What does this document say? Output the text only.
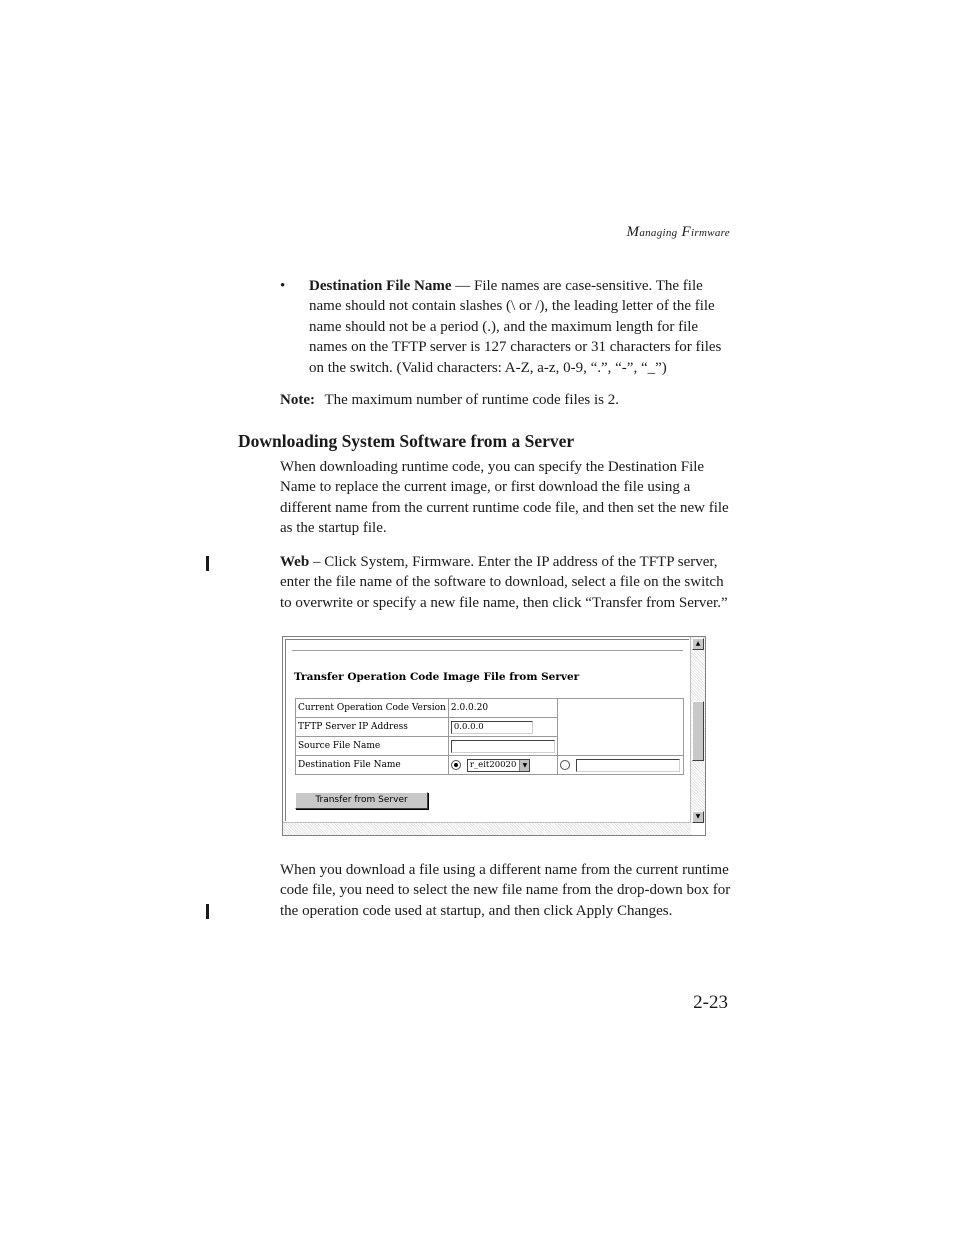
Managing Firmware
• Destination File Name — File names are case-sensitive. The file name should not contain slashes (\ or /), the leading letter of the file name should not be a period (.), and the maximum length for file names on the TFTP server is 127 characters or 31 characters for files on the switch. (Valid characters: A-Z, a-z, 0-9, “.”, “-”, “_”)
Note: The maximum number of runtime code files is 2.
Downloading System Software from a Server
When downloading runtime code, you can specify the Destination File Name to replace the current image, or first download the file using a different name from the current runtime code file, and then set the new file as the startup file.
Web – Click System, Firmware. Enter the IP address of the TFTP server, enter the file name of the software to download, select a file on the switch to overwrite or specify a new file name, then click “Transfer from Server.”
Transfer Operation Code Image File from Server
Current Operation Code Version	2.0.0.20	
TFTP Server IP Address	0.0.0.0	
Source File Name		
Destination File Name	r_eit20020 ▼	

Transfer from Server
▲
▼
When you download a file using a different name from the current runtime code file, you need to select the new file name from the drop-down box for the operation code used at startup, and then click Apply Changes.
2-23
